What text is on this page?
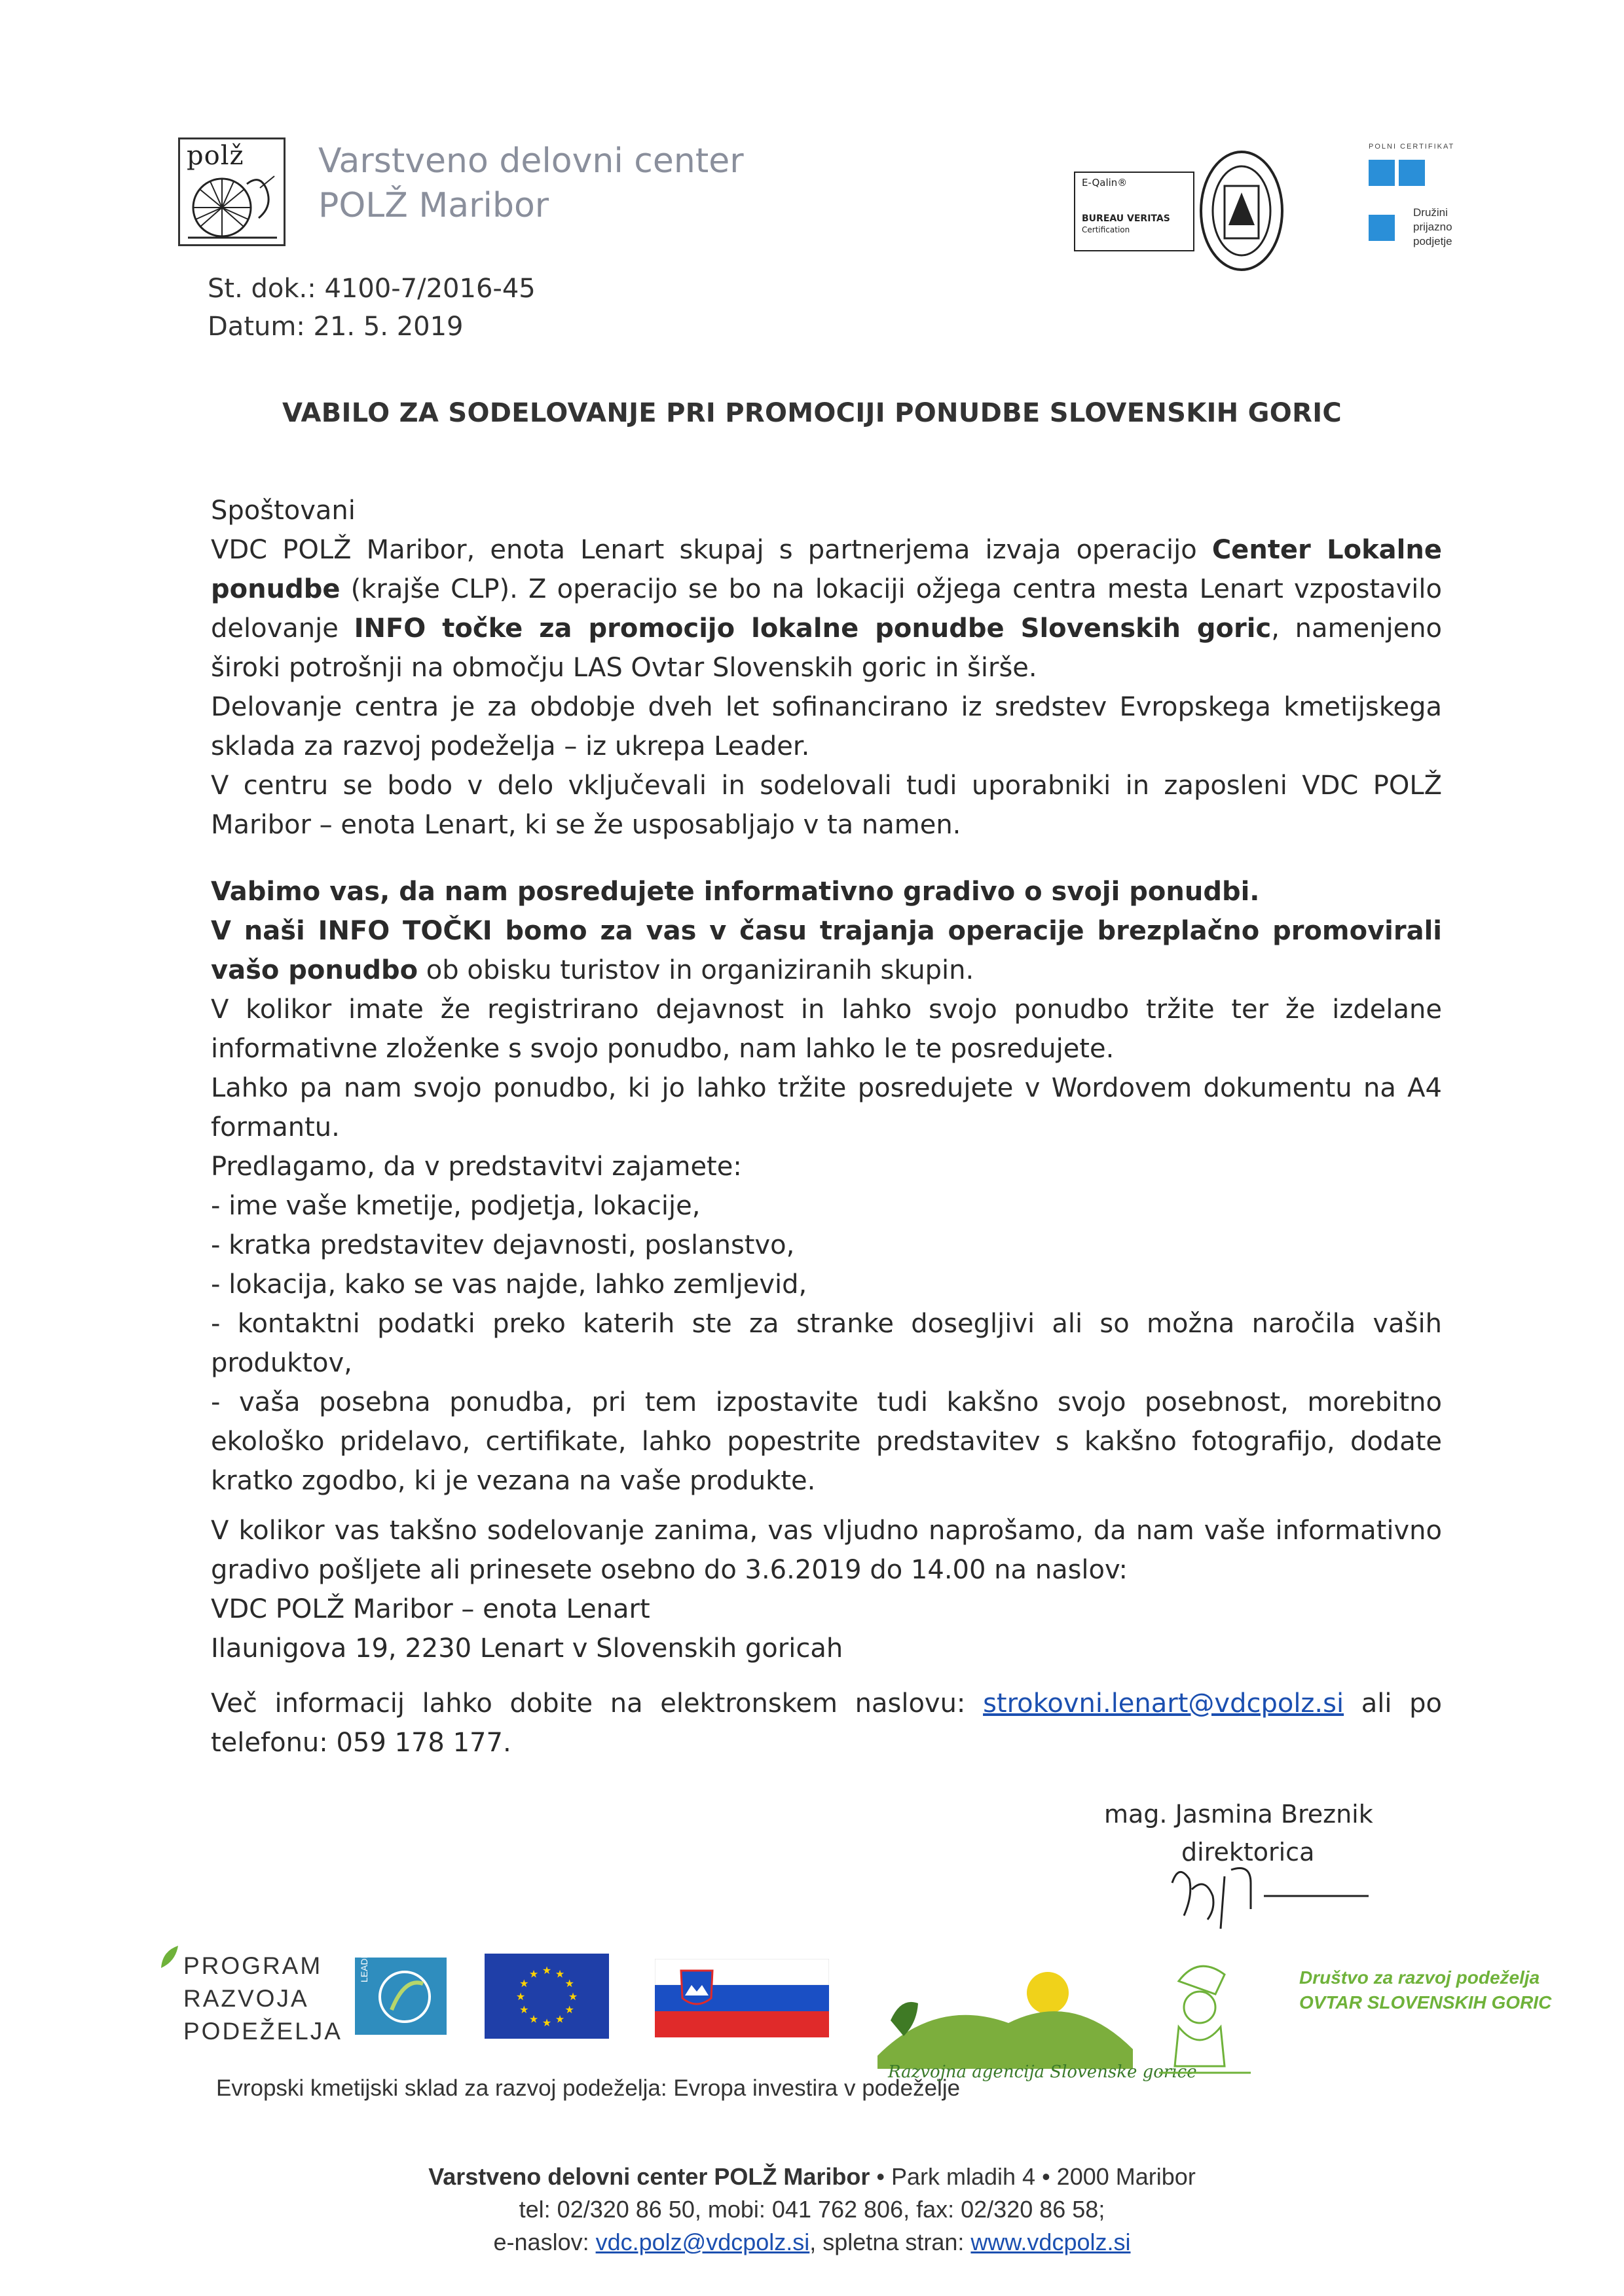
polž Varstveno delovni center
POLŽ Maribor
E-Qalin®
BUREAU VERITAS
Certification
POLNI CERTIFIKAT
Družini
prijazno
podjetje
St. dok.: 4100-7/2016-45
Datum: 21. 5. 2019
VABILO ZA SODELOVANJE PRI PROMOCIJI PONUDBE SLOVENSKIH GORIC

Spoštovani

VDC POLŽ Maribor, enota Lenart skupaj s partnerjema izvaja operacijo Center Lokalne ponudbe (krajše CLP). Z operacijo se bo na lokaciji ožjega centra mesta Lenart vzpostavilo delovanje INFO točke za promocijo lokalne ponudbe Slovenskih goric, namenjeno široki potrošnji na območju LAS Ovtar Slovenskih goric in širše.

Delovanje centra je za obdobje dveh let sofinancirano iz sredstev Evropskega kmetijskega sklada za razvoj podeželja – iz ukrepa Leader.

V centru se bodo v delo vključevali in sodelovali tudi uporabniki in zaposleni VDC POLŽ Maribor – enota Lenart, ki se že usposabljajo v ta namen.

Vabimo vas, da nam posredujete informativno gradivo o svoji ponudbi.

V naši INFO TOČKI bomo za vas v času trajanja operacije brezplačno promovirali vašo ponudbo ob obisku turistov in organiziranih skupin.

V kolikor imate že registrirano dejavnost in lahko svojo ponudbo tržite ter že izdelane informativne zloženke s svojo ponudbo, nam lahko le te posredujete.

Lahko pa nam svojo ponudbo, ki jo lahko tržite posredujete v Wordovem dokumentu na A4 formantu.

Predlagamo, da v predstavitvi zajamete:

- ime vaše kmetije, podjetja, lokacije,

- kratka predstavitev dejavnosti, poslanstvo,

- lokacija, kako se vas najde, lahko zemljevid,

- kontaktni podatki preko katerih ste za stranke dosegljivi ali so možna naročila vaših produktov,

- vaša posebna ponudba, pri tem izpostavite tudi kakšno svojo posebnost, morebitno ekološko pridelavo, certifikate, lahko popestrite predstavitev s kakšno fotografijo, dodate kratko zgodbo, ki je vezana na vaše produkte.

V kolikor vas takšno sodelovanje zanima, vas vljudno naprošamo, da nam vaše informativno gradivo pošljete ali prinesete osebno do 3.6.2019 do 14.00 na naslov:

VDC POLŽ Maribor – enota Lenart

Ilaunigova 19, 2230 Lenart v Slovenskih goricah

Več informacij lahko dobite na elektronskem naslovu: strokovni.lenart@vdcpolz.si ali po telefonu: 059 178 177.

mag. Jasmina Breznik
direktorica
PROGRAM
RAZVOJA
PODEŽELJA
LEADER	★ ★
★
★
★
★
★
★
★
★
★
★
Evropski kmetijski sklad za razvoj podeželja: Evropa investira v podeželje
Razvojna agencija Slovenske gorice
Društvo za razvoj podeželja
OVTAR SLOVENSKIH GORIC
Varstveno delovni center POLŽ Maribor • Park mladih 4 • 2000 Maribor
tel: 02/320 86 50, mobi: 041 762 806, fax: 02/320 86 58;
e-naslov: vdc.polz@vdcpolz.si, spletna stran: www.vdcpolz.si
